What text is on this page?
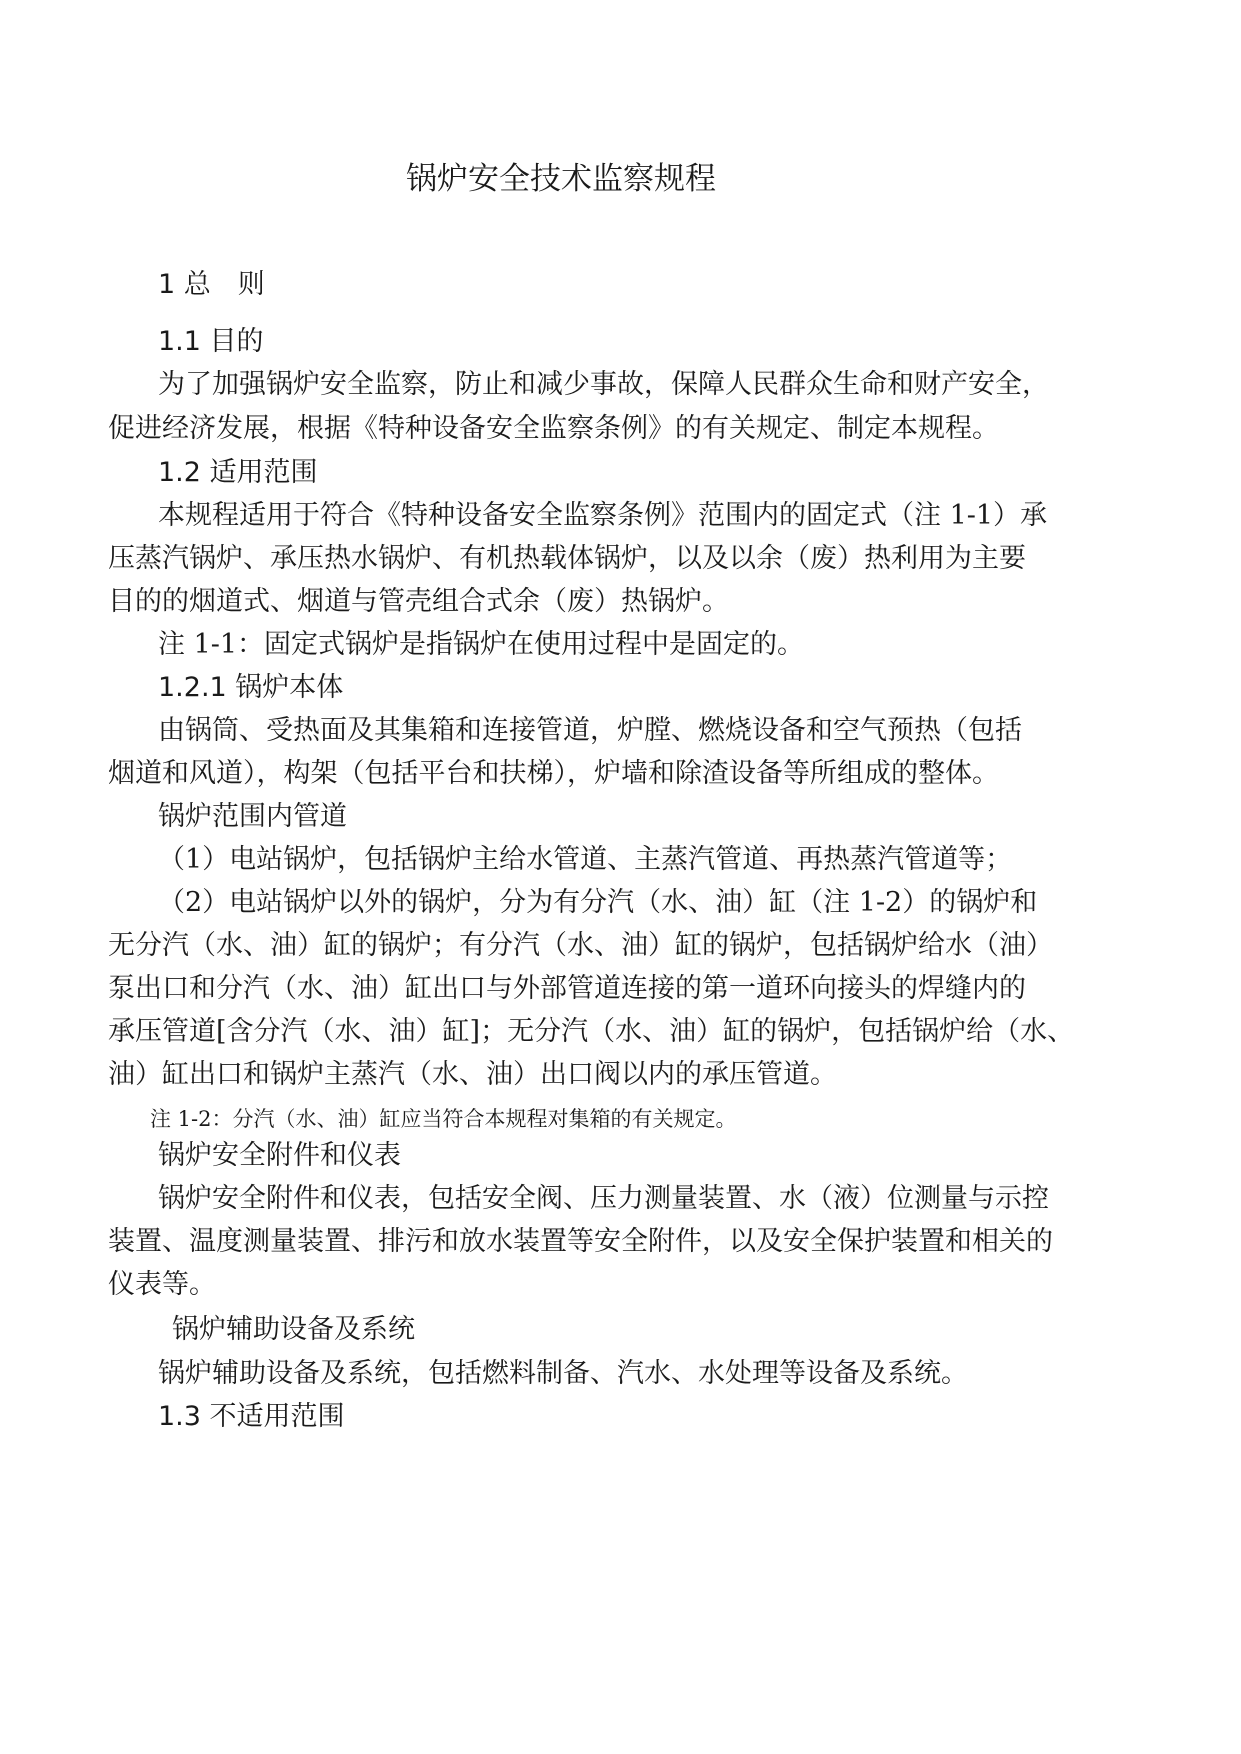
锅炉安全技术监察规程

1 总　则

1.1 目的

为了加强锅炉安全监察，防止和减少事故，保障人民群众生命和财产安全，

促进经济发展，根据《特种设备安全监察条例》的有关规定、制定本规程。

1.2 适用范围

本规程适用于符合《特种设备安全监察条例》范围内的固定式（注 1-1）承

压蒸汽锅炉、承压热水锅炉、有机热载体锅炉，以及以余（废）热利用为主要

目的的烟道式、烟道与管壳组合式余（废）热锅炉。

注 1-1：固定式锅炉是指锅炉在使用过程中是固定的。

1.2.1 锅炉本体

由锅筒、受热面及其集箱和连接管道，炉膛、燃烧设备和空气预热（包括

烟道和风道），构架（包括平台和扶梯），炉墙和除渣设备等所组成的整体。

锅炉范围内管道

（1）电站锅炉，包括锅炉主给水管道、主蒸汽管道、再热蒸汽管道等；

（2）电站锅炉以外的锅炉，分为有分汽（水、油）缸（注 1-2）的锅炉和

无分汽（水、油）缸的锅炉；有分汽（水、油）缸的锅炉，包括锅炉给水（油）

泵出口和分汽（水、油）缸出口与外部管道连接的第一道环向接头的焊缝内的

承压管道[含分汽（水、油）缸]；无分汽（水、油）缸的锅炉，包括锅炉给（水、

油）缸出口和锅炉主蒸汽（水、油）出口阀以内的承压管道。

注 1-2：分汽（水、油）缸应当符合本规程对集箱的有关规定。

锅炉安全附件和仪表

锅炉安全附件和仪表，包括安全阀、压力测量装置、水（液）位测量与示控

装置、温度测量装置、排污和放水装置等安全附件，以及安全保护装置和相关的

仪表等。

锅炉辅助设备及系统

锅炉辅助设备及系统，包括燃料制备、汽水、水处理等设备及系统。

1.3 不适用范围
